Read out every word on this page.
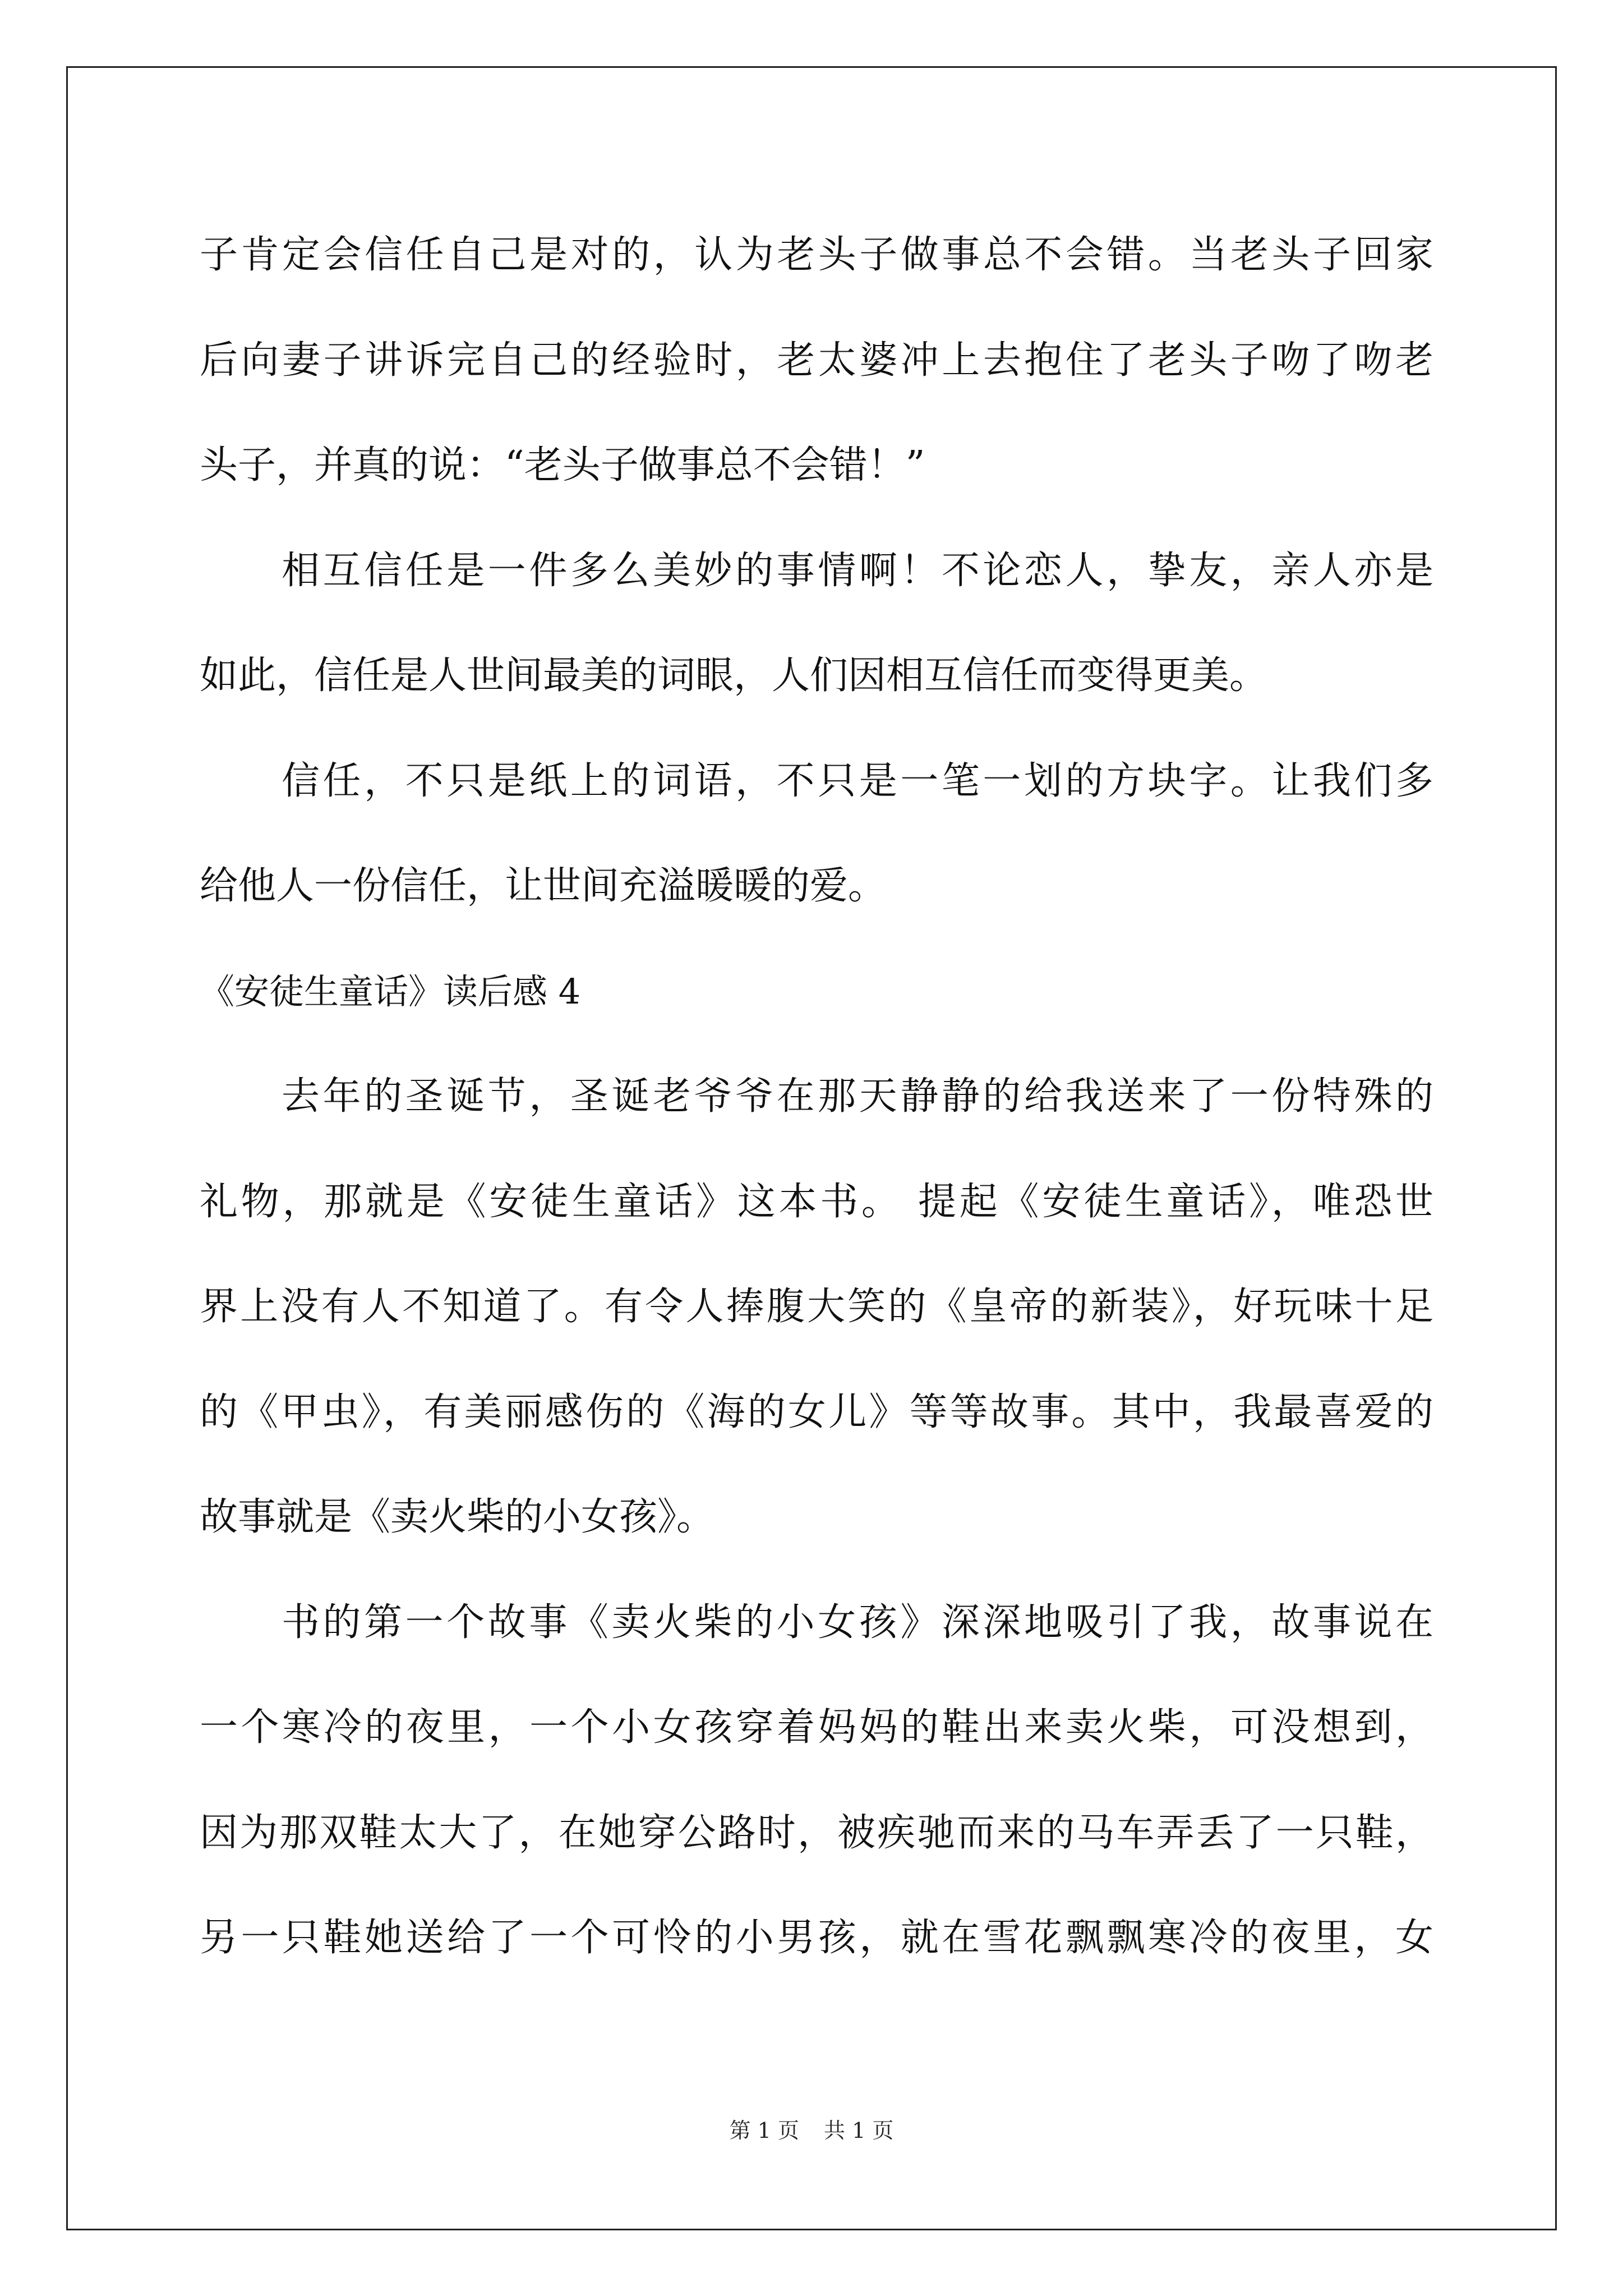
子肯定会信任自己是对的，认为老头子做事总不会错。当老头子回家
后向妻子讲诉完自己的经验时，老太婆冲上去抱住了老头子吻了吻老
头子，并真的说：“老头子做事总不会错！”
相互信任是一件多么美妙的事情啊！不论恋人，挚友，亲人亦是
如此，信任是人世间最美的词眼，人们因相互信任而变得更美。
信任，不只是纸上的词语，不只是一笔一划的方块字。让我们多
给他人一份信任，让世间充溢暖暖的爱。
《安徒生童话》读后感 4
去年的圣诞节，圣诞老爷爷在那天静静的给我送来了一份特殊的
礼物，那就是《安徒生童话》这本书。 提起《安徒生童话》，唯恐世
界上没有人不知道了。有令人捧腹大笑的《皇帝的新装》，好玩味十足
的《甲虫》，有美丽感伤的《海的女儿》等等故事。其中，我最喜爱的
故事就是《卖火柴的小女孩》。
书的第一个故事《卖火柴的小女孩》深深地吸引了我，故事说在
一个寒冷的夜里，一个小女孩穿着妈妈的鞋出来卖火柴，可没想到，
因为那双鞋太大了，在她穿公路时，被疾驰而来的马车弄丢了一只鞋，
另一只鞋她送给了一个可怜的小男孩，就在雪花飘飘寒冷的夜里，女
第 1 页 共 1 页
